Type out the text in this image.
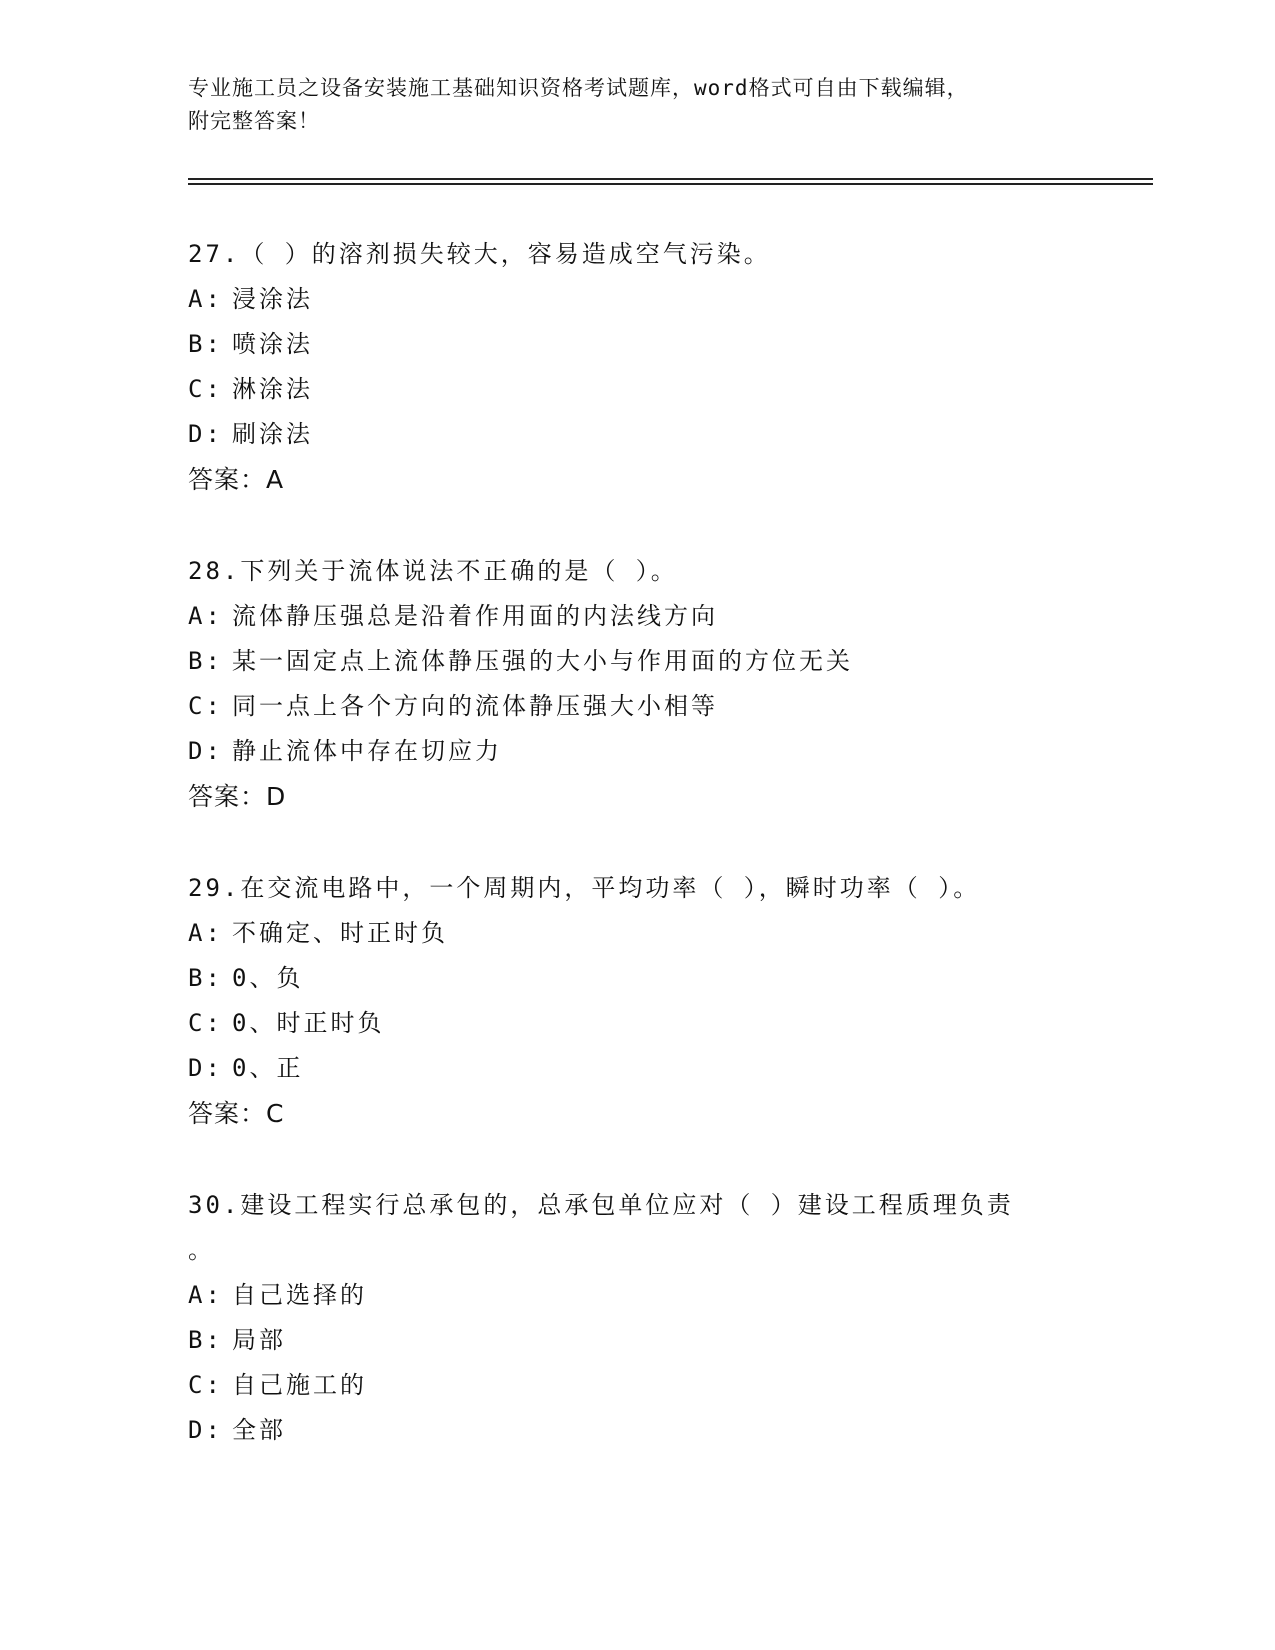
专业施工员之设备安装施工基础知识资格考试题库，word格式可自由下载编辑，
附完整答案！
27.（ ）的溶剂损失较大，容易造成空气污染。
A: 浸涂法
B: 喷涂法
C: 淋涂法
D: 刷涂法
答案：A
28.下列关于流体说法不正确的是（ ）。
A: 流体静压强总是沿着作用面的内法线方向
B: 某一固定点上流体静压强的大小与作用面的方位无关
C: 同一点上各个方向的流体静压强大小相等
D: 静止流体中存在切应力
答案：D
29.在交流电路中，一个周期内，平均功率（ ），瞬时功率（ ）。
A: 不确定、时正时负
B: 0、负
C: 0、时正时负
D: 0、正
答案：C
30.建设工程实行总承包的，总承包单位应对（ ）建设工程质理负责
。
A: 自己选择的
B: 局部
C: 自己施工的
D: 全部
